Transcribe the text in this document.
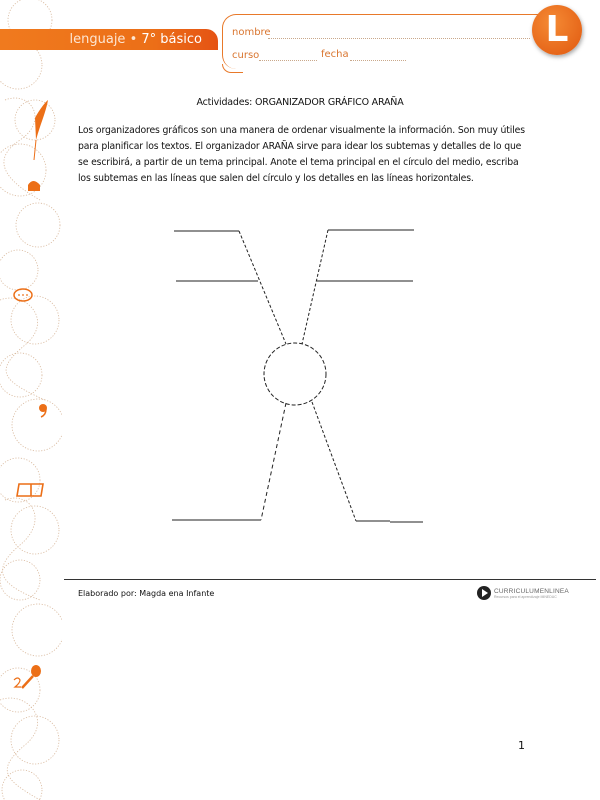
lenguaje • 7° básico	nombre
curso	fecha
L
Actividades: ORGANIZADOR GRÁFICO ARAÑA
Los organizadores gráficos son una manera de ordenar visualmente la información. Son muy útiles para planificar los textos. El organizador ARAÑA sirve para idear los subtemas y detalles de lo que se escribirá, a partir de un tema principal. Anote el tema principal en el círculo del medio, escriba los subtemas en las líneas que salen del círculo y los detalles en las líneas horizontales.
Elaborado por: Magda ena Infante	CURRICULUMENLINEA
Recursos para el aprendizaje MINEDUC
1
